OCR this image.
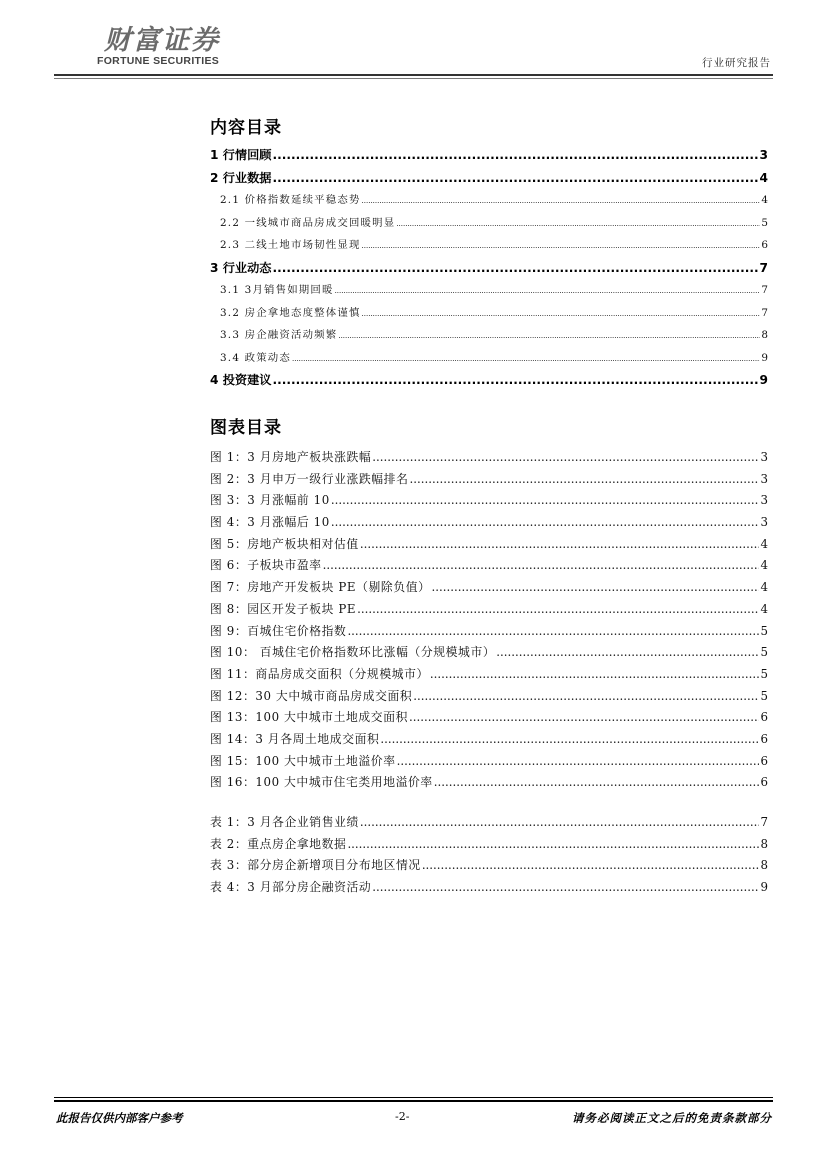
财富证券
FORTUNE SECURITIES	行业研究报告
内容目录
1 行情回顾 .....	3
2 行业数据 .....	4
2.1 价格指数延续平稳态势 .....	4
2.2 一线城市商品房成交回暖明显 .....	5
2.3 二线土地市场韧性显现 .....	6
3 行业动态 .....	7
3.1 3月销售如期回暖 .....	7
3.2 房企拿地态度整体谨慎 .....	7
3.3 房企融资活动频繁 .....	8
3.4 政策动态 .....	9
4 投资建议 .....	9
图表目录
图 1：3 月房地产板块涨跌幅 .....	3
图 2：3 月申万一级行业涨跌幅排名 .....	3
图 3：3 月涨幅前 10 .....	3
图 4：3 月涨幅后 10 .....	3
图 5：房地产板块相对估值 .....	4
图 6：子板块市盈率 .....	4
图 7：房地产开发板块 PE（剔除负值） .....	4
图 8：园区开发子板块 PE .....	4
图 9：百城住宅价格指数 .....	5
图 10： 百城住宅价格指数环比涨幅（分规模城市） .....	5
图 11：商品房成交面积（分规模城市） .....	5
图 12：30 大中城市商品房成交面积 .....	5
图 13：100 大中城市土地成交面积 .....	6
图 14：3 月各周土地成交面积 .....	6
图 15：100 大中城市土地溢价率 .....	6
图 16：100 大中城市住宅类用地溢价率 .....	6
表 1：3 月各企业销售业绩 .....	7
表 2：重点房企拿地数据 .....	8
表 3：部分房企新增项目分布地区情况 .....	8
表 4：3 月部分房企融资活动 .....	9
此报告仅供内部客户参考	-2-	请务必阅读正文之后的免责条款部分
